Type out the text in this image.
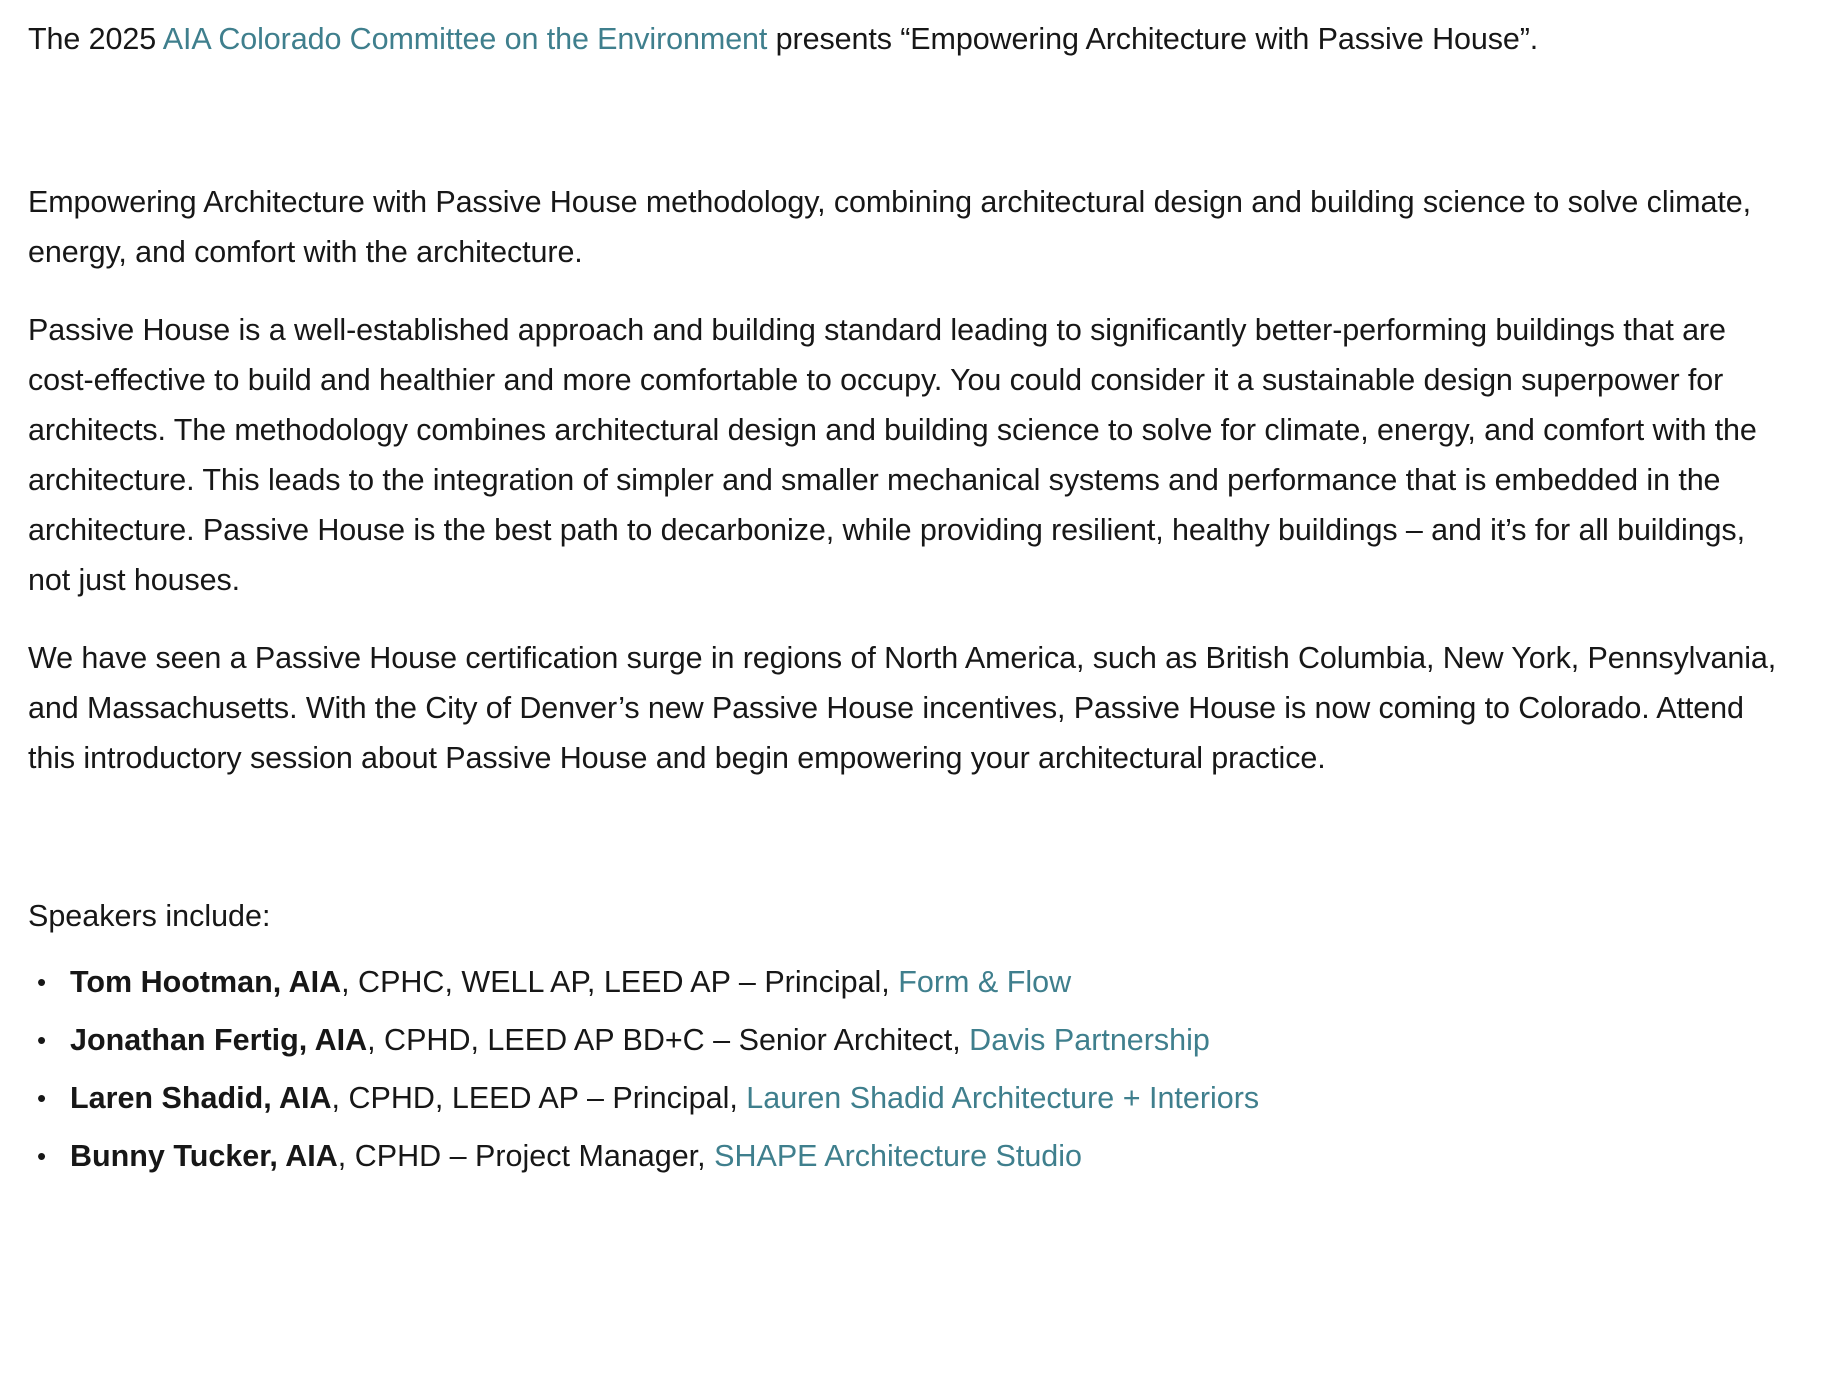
The 2025 AIA Colorado Committee on the Environment presents “Empowering Architecture with Passive House”.

Empowering Architecture with Passive House methodology, combining architectural design and building science to solve climate, energy, and comfort with the architecture.

Passive House is a well-established approach and building standard leading to significantly better-performing buildings that are cost-effective to build and healthier and more comfortable to occupy. You could consider it a sustainable design superpower for architects. The methodology combines architectural design and building science to solve for climate, energy, and comfort with the architecture. This leads to the integration of simpler and smaller mechanical systems and performance that is embedded in the architecture. Passive House is the best path to decarbonize, while providing resilient, healthy buildings – and it’s for all buildings, not just houses.

We have seen a Passive House certification surge in regions of North America, such as British Columbia, New York, Pennsylvania, and Massachusetts. With the City of Denver’s new Passive House incentives, Passive House is now coming to Colorado. Attend this introductory session about Passive House and begin empowering your architectural practice.

Speakers include:

• Tom Hootman, AIA, CPHC, WELL AP, LEED AP – Principal, Form & Flow
• Jonathan Fertig, AIA, CPHD, LEED AP BD+C – Senior Architect, Davis Partnership
• Laren Shadid, AIA, CPHD, LEED AP – Principal, Lauren Shadid Architecture + Interiors
• Bunny Tucker, AIA, CPHD – Project Manager, SHAPE Architecture Studio
